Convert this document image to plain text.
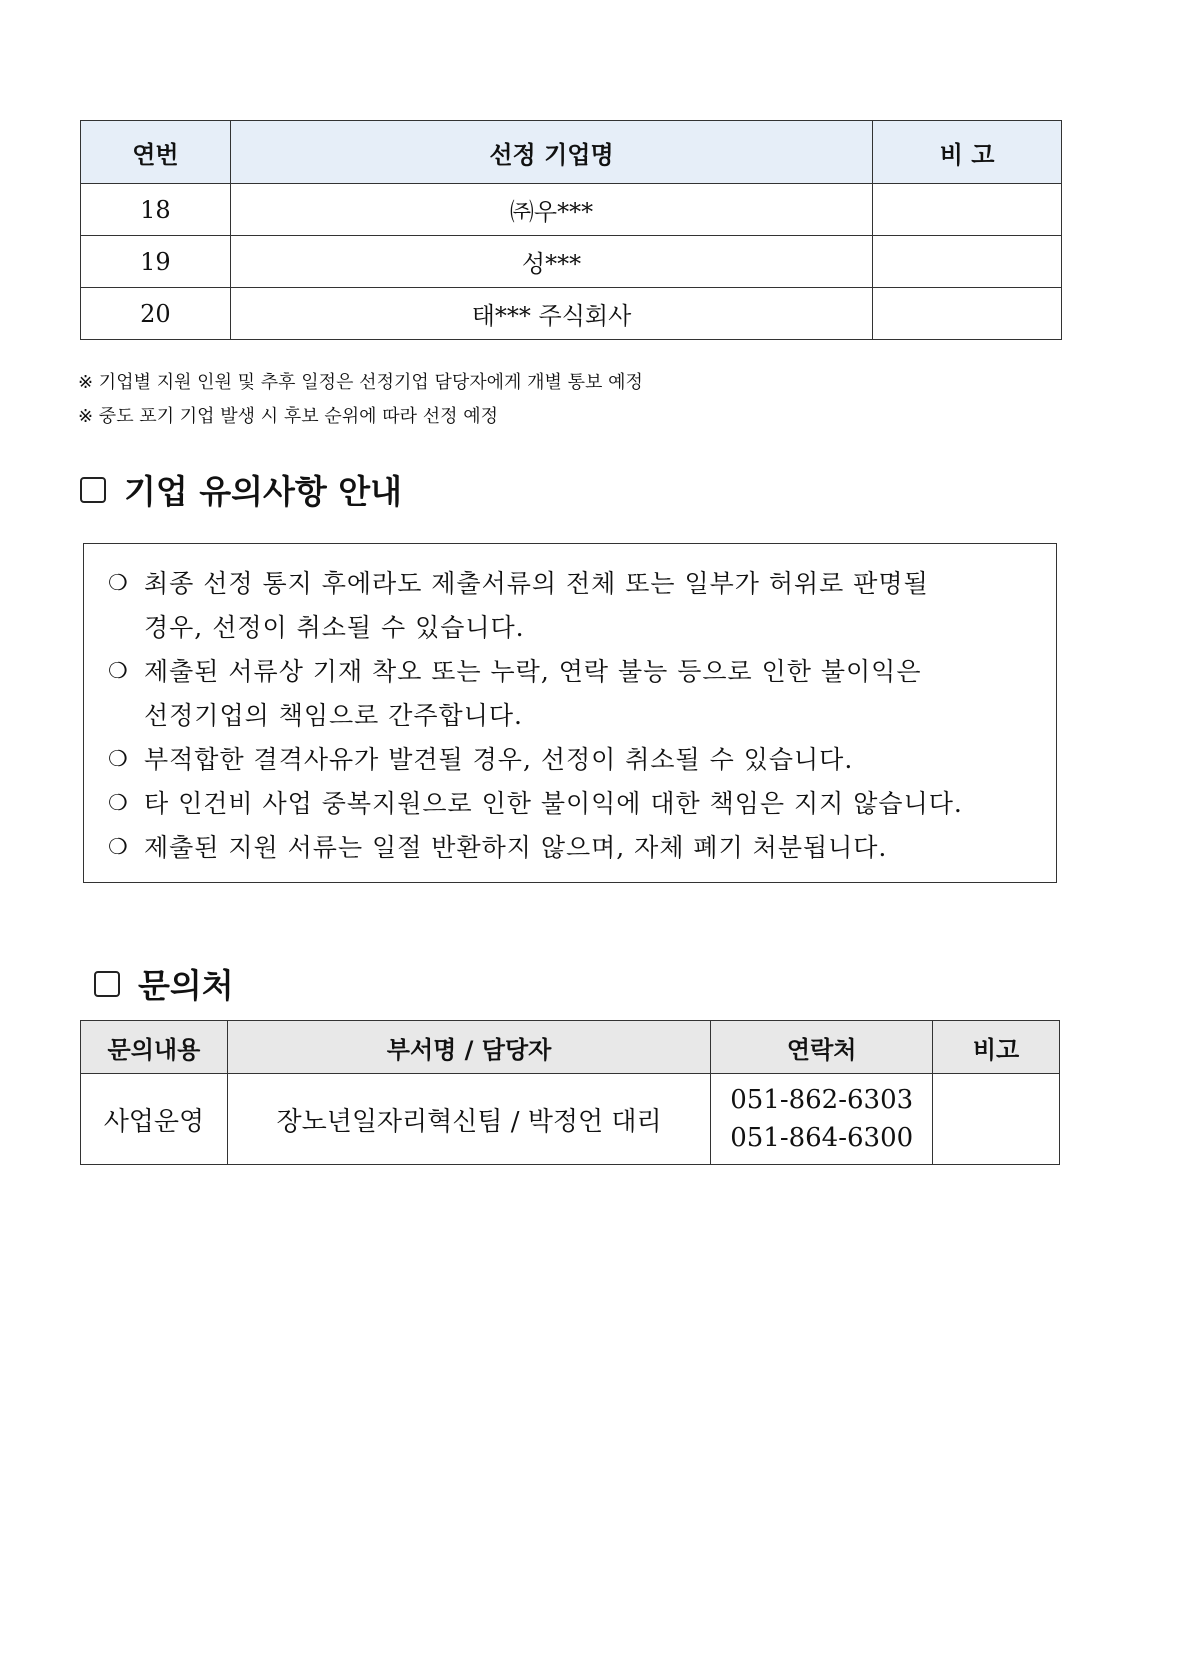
연번	선정 기업명	비 고
18	㈜우***	
19	성***	
20	태*** 주식회사	
※ 기업별 지원 인원 및 추후 일정은 선정기업 담당자에게 개별 통보 예정
※ 중도 포기 기업 발생 시 후보 순위에 따라 선정 예정
기업 유의사항 안내
❍ 최종 선정 통지 후에라도 제출서류의 전체 또는 일부가 허위로 판명될
경우, 선정이 취소될 수 있습니다.
❍ 제출된 서류상 기재 착오 또는 누락, 연락 불능 등으로 인한 불이익은
선정기업의 책임으로 간주합니다.
❍ 부적합한 결격사유가 발견될 경우, 선정이 취소될 수 있습니다.
❍ 타 인건비 사업 중복지원으로 인한 불이익에 대한 책임은 지지 않습니다.
❍ 제출된 지원 서류는 일절 반환하지 않으며, 자체 폐기 처분됩니다.
문의처
문의내용	부서명 / 담당자	연락처	비고
사업운영	장노년일자리혁신팀 / 박정언 대리	051-862-6303
051-864-6300	
